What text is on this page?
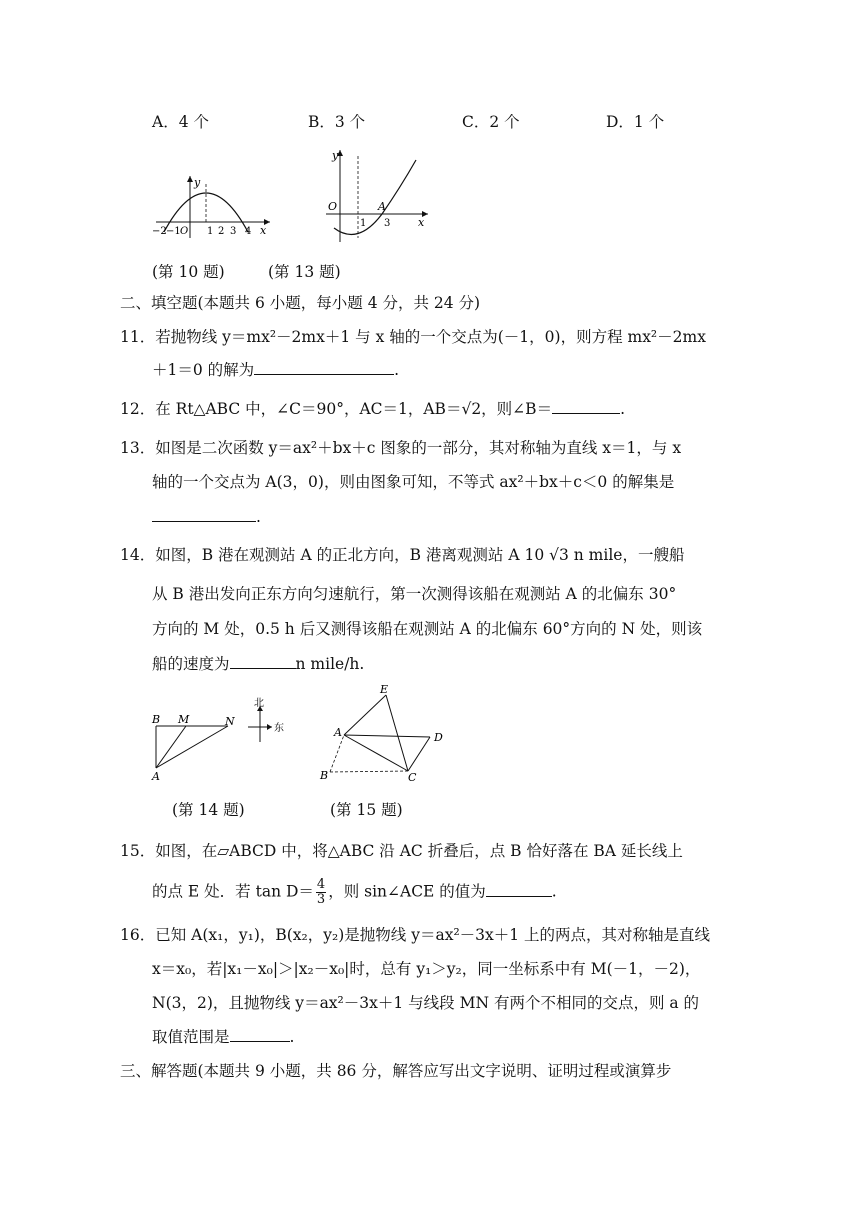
A．4 个	B．3 个	C．2 个	D．1 个
y
x
−2 −1 O 1 2 3 4
y
O
1
A
3	x
(第 10 题)	(第 13 题)
二、填空题(本题共 6 小题，每小题 4 分，共 24 分)
11．若抛物线 y＝mx²－2mx＋1 与 x 轴的一个交点为(－1，0)，则方程 mx²－2mx
＋1＝0 的解为	.
12．在 Rt△ABC 中，∠C＝90°，AC＝1，AB＝√2，则∠B＝	.
13．如图是二次函数 y＝ax²＋bx＋c 图象的一部分，其对称轴为直线 x＝1，与 x
轴的一个交点为 A(3，0)，则由图象可知，不等式 ax²＋bx＋c＜0 的解集是
.
14．如图，B 港在观测站 A 的正北方向，B 港离观测站 A 10 √3 n mile，一艘船
从 B 港出发向正东方向匀速航行，第一次测得该船在观测站 A 的北偏东 30°
方向的 M 处，0.5 h 后又测得该船在观测站 A 的北偏东 60°方向的 N 处，则该
船的速度为	n mile/h.
B M	N
A
北
东
E
A	D
B	C
(第 14 题)	(第 15 题)
15．如图，在▱ABCD 中，将△ABC 沿 AC 折叠后，点 B 恰好落在 BA 延长线上
的点 E 处．若 $\tan D= \frac{4}{3}$ ，则 sin∠ACE 的值为	.
16．已知 A(x₁，y₁)，B(x₂，y₂)是抛物线 y＝ax²－3x＋1 上的两点，其对称轴是直线
x＝x₀，若|x₁－x₀|＞|x₂－x₀|时，总有 y₁＞y₂，同一坐标系中有 M(－1，－2)，
N(3，2)，且抛物线 y＝ax²－3x＋1 与线段 MN 有两个不相同的交点，则 a 的
取值范围是	.
三、解答题(本题共 9 小题，共 86 分，解答应写出文字说明、证明过程或演算步
